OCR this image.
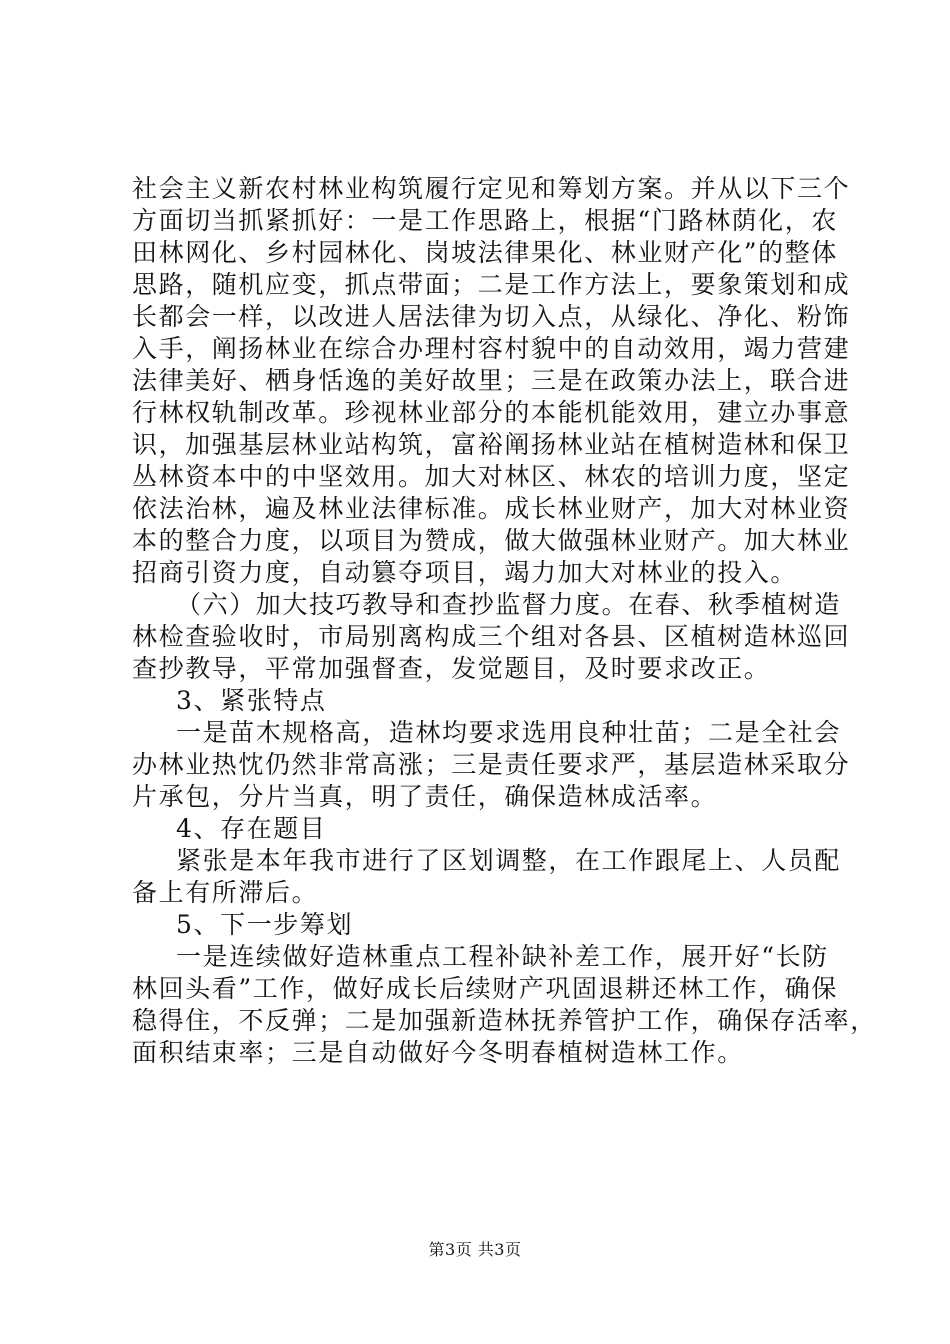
社会主义新农村林业构筑履行定见和筹划方案。并从以下三个
方面切当抓紧抓好：一是工作思路上，根据“门路林荫化，农
田林网化、乡村园林化、岗坡法律果化、林业财产化”的整体
思路，随机应变，抓点带面；二是工作方法上，要象策划和成
长都会一样，以改进人居法律为切入点，从绿化、净化、粉饰
入手，阐扬林业在综合办理村容村貌中的自动效用，竭力营建
法律美好、栖身恬逸的美好故里；三是在政策办法上，联合进
行林权轨制改革。珍视林业部分的本能机能效用，建立办事意
识，加强基层林业站构筑，富裕阐扬林业站在植树造林和保卫
丛林资本中的中坚效用。加大对林区、林农的培训力度，坚定
依法治林，遍及林业法律标准。成长林业财产，加大对林业资
本的整合力度，以项目为赞成，做大做强林业财产。加大林业
招商引资力度，自动篡夺项目，竭力加大对林业的投入。
（六）加大技巧教导和查抄监督力度。在春、秋季植树造
林检查验收时，市局别离构成三个组对各县、区植树造林巡回
查抄教导，平常加强督查，发觉题目，及时要求改正。
3、紧张特点
一是苗木规格高，造林均要求选用良种壮苗；二是全社会
办林业热忱仍然非常高涨；三是责任要求严，基层造林采取分
片承包，分片当真，明了责任，确保造林成活率。
4、存在题目
紧张是本年我市进行了区划调整，在工作跟尾上、人员配
备上有所滞后。
5、下一步筹划
一是连续做好造林重点工程补缺补差工作，展开好“长防
林回头看”工作，做好成长后续财产巩固退耕还林工作，确保
稳得住，不反弹；二是加强新造林抚养管护工作，确保存活率，
面积结束率；三是自动做好今冬明春植树造林工作。
第3页 共3页
